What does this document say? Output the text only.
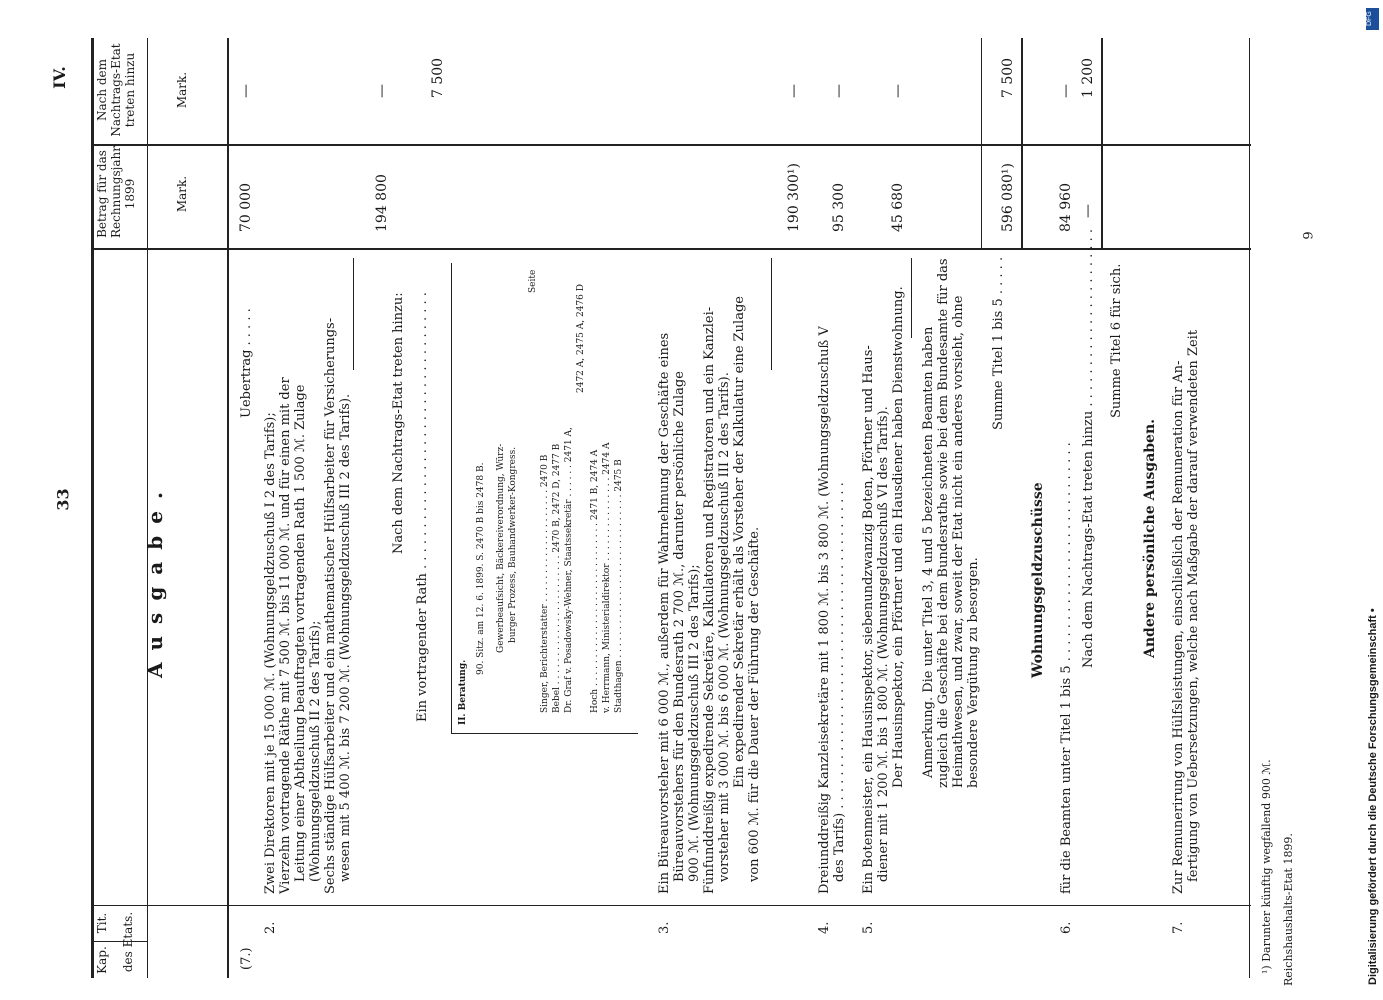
33
IV.
9
Kap.
Tit. des Etats.
Ausgabe.
Betrag für das Rechnungsjahr 1899	Mark.
Nach dem Nachtrags-Etat treten hinzu	Mark.
(7.)
Uebertrag . . . . .
70 000
—
2.
Zwei Direktoren mit je 15 000 ℳ. (Wohnungsgeldzuschuß I 2 des Tarifs); Vierzehn vortragende Räthe mit 7 500 ℳ. bis 11 000 ℳ. und für einen mit der Leitung einer Abtheilung beauftragten vortragenden Rath 1 500 ℳ. Zulage (Wohnungsgeldzuschuß II 2 des Tarifs); Sechs ständige Hülfsarbeiter und ein mathematischer Hülfsarbeiter für Versicherungs- wesen mit 5 400 ℳ. bis 7 200 ℳ. (Wohnungsgeldzuschuß III 2 des Tarifs).
194 800
—
Nach dem Nachtrags-Etat treten hinzu: Ein vortragender Rath . . . . . . . . . . . . . . . . . . . . . . . . . . . . . . . . . .
7 500
II. Beratung.
90. Sitz. am 12. 6. 1899. S. 2470 B bis 2478 B. Gewerbeaufsicht, Bäckereiverordnung, Würz- burger Prozess, Bauhandwerker-Kongress.
Seite
Singer, Berichterstatter . . . . . . . . . . . . . . . . . . . . 2470 B Bebel . . . . . . . . . . . . . . . . . . . . . . . 2470 B, 2472 D, 2477 B Dr. Graf v. Posadowsky-Wehner, Staatssekretär . . . . . . 2471 A,
2472 A, 2475 A, 2476 D
Hoch . . . . . . . . . . . . . . . . . . . . . . . . . . . . . 2471 B, 2474 A v. Herrmann, Ministerialdirektor . . . . . . . . . . . . . . . 2474 A Stadthagen . . . . . . . . . . . . . . . . . . . . . . . . . . . . . 2475 B
3.
Ein Büreauvorsteher mit 6 000 ℳ., außerdem für Wahrnehmung der Geschäfte eines Büreauvorstehers für den Bundesrath 2 700 ℳ., darunter persönliche Zulage 900 ℳ. (Wohnungsgeldzuschuß III 2 des Tarifs); Fünfunddreißig expedirende Sekretäre, Kalkulatoren und Registratoren und ein Kanzlei- vorsteher mit 3 000 ℳ. bis 6 000 ℳ. (Wohnungsgeldzuschuß III 2 des Tarifs). Ein expedirender Sekretär erhält als Vorsteher der Kalkulatur eine Zulage von 600 ℳ. für die Dauer der Führung der Geschäfte.
190 300¹)
—
4.
Dreiunddreißig Kanzleisekretäre mit 1 800 ℳ. bis 3 800 ℳ. (Wohnungsgeldzuschuß V des Tarifs) . . . . . . . . . . . . . . . . . . . . . . . . . . . . . . . . . . . . . . . .
95 300
—
5.
Ein Botenmeister, ein Hausinspektor, siebenundzwanzig Boten, Pförtner und Haus- diener mit 1 200 ℳ. bis 1 800 ℳ. (Wohnungsgeldzuschuß VI des Tarifs). Der Hausinspektor, ein Pförtner und ein Hausdiener haben Dienstwohnung.
45 680
—
Anmerkung. Die unter Titel 3, 4 und 5 bezeichneten Beamten haben zugleich die Geschäfte bei dem Bundesrathe sowie bei dem Bundesamte für das Heimathwesen, und zwar, soweit der Etat nicht ein anderes vorsieht, ohne besondere Vergütung zu besorgen.
Summe Titel 1 bis 5 . . . . .
596 080¹)
7 500
Wohnungsgeldzuschüsse
6.
für die Beamten unter Titel 1 bis 5 . . . . . . . . . . . . . . . . . . . . . . . . . . .
84 960
—
Nach dem Nachtrags-Etat treten hinzu . . . . . . . . . . . . . . . . . . . . . .
—
1 200
Summe Titel 6 für sich.
Andere persönliche Ausgaben.
7.
Zur Remunerirung von Hülfsleistungen, einschließlich der Remuneration für An- fertigung von Uebersetzungen, welche nach Maßgabe der darauf verwendeten Zeit	¹) Darunter künftig wegfallend 900 ℳ. Reichshaushalts-Etat 1899.	Digitalisierung gefördert durch die Deutsche Forschungsgemeinschaft •
DFG
